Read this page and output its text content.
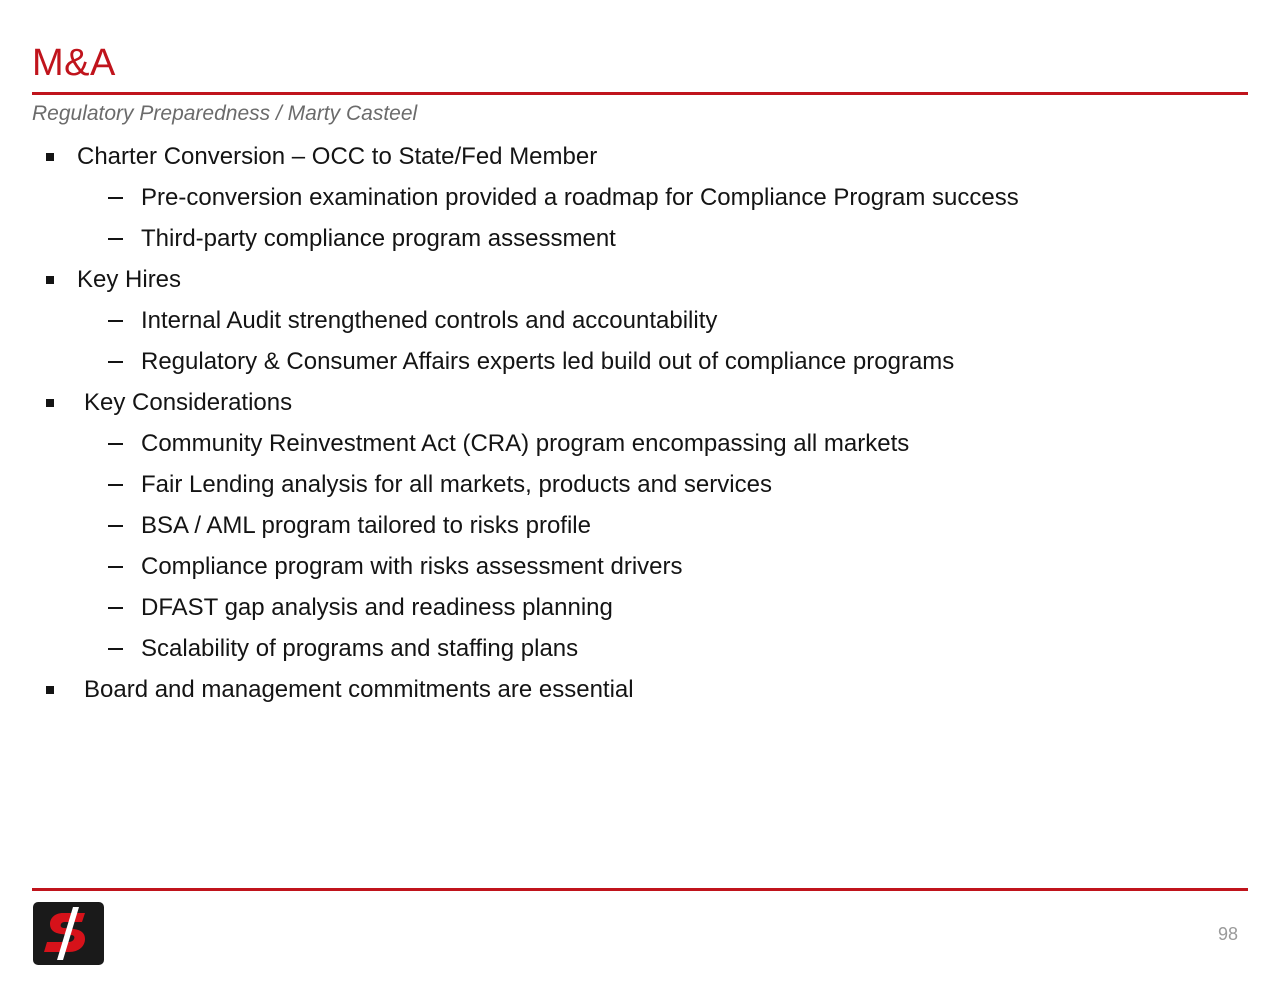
M&A
Regulatory Preparedness / Marty Casteel
Charter Conversion – OCC to State/Fed Member
Pre-conversion examination provided a roadmap for Compliance Program success
Third-party compliance program assessment
Key Hires
Internal Audit strengthened controls and accountability
Regulatory & Consumer Affairs experts led build out of compliance programs
Key Considerations
Community Reinvestment Act (CRA) program encompassing all markets
Fair Lending analysis for all markets, products and services
BSA / AML program tailored to risks profile
Compliance program with risks assessment drivers
DFAST gap analysis and readiness planning
Scalability of programs and staffing plans
Board and management commitments are essential
98
